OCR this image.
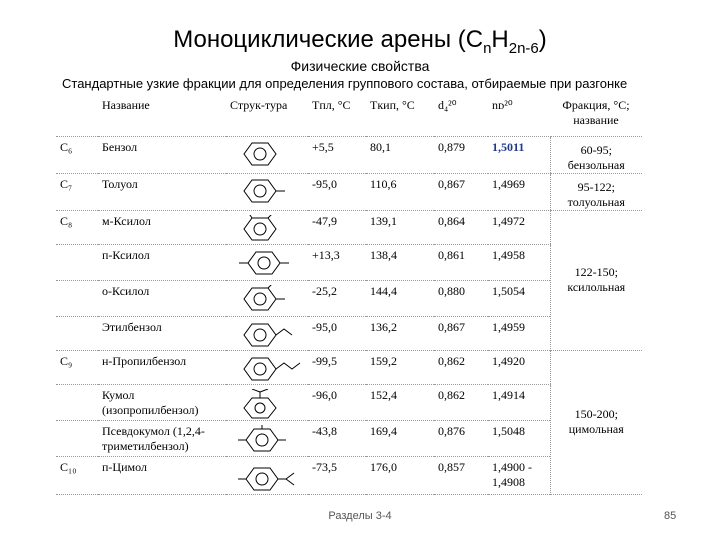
Моноциклические арены $(C_nH_{2n-6})$
Физические свойства
Стандартные узкие фракции для определения группового состава, отбираемые при разгонке
	Название	Струк-тура	Tпл, °C	Tкип, °C	d₄²⁰	nᴅ²⁰	Фракция, °C; название
C₆	Бензол		+5,5	80,1	0,879	1,5011	60-95;
бензольная

C₇	Толуол		-95,0	110,6	0,867	1,4969	95-122;
толуольная

C₈	м-Ксилол		-47,9	139,1	0,864	1,4972	122-150;
ксилольная

	п-Ксилол		+13,3	138,4	0,861	1,4958	
	о-Ксилол		-25,2	144,4	0,880	1,5054	
	Этилбензол		-95,0	136,2	0,867	1,4959	
C₉	н-Пропилбензол		-99,5	159,2	0,862	1,4920	150-200;
цимольная

	Кумол (изопропилбензол)		-96,0	152,4	0,862	1,4914	
	Псевдокумол (1,2,4-триметилбензол)		-43,8	169,4	0,876	1,5048	
C₁₀	п-Цимол		-73,5	176,0	0,857	1,4900 - 1,4908	
Разделы 3-4	85
